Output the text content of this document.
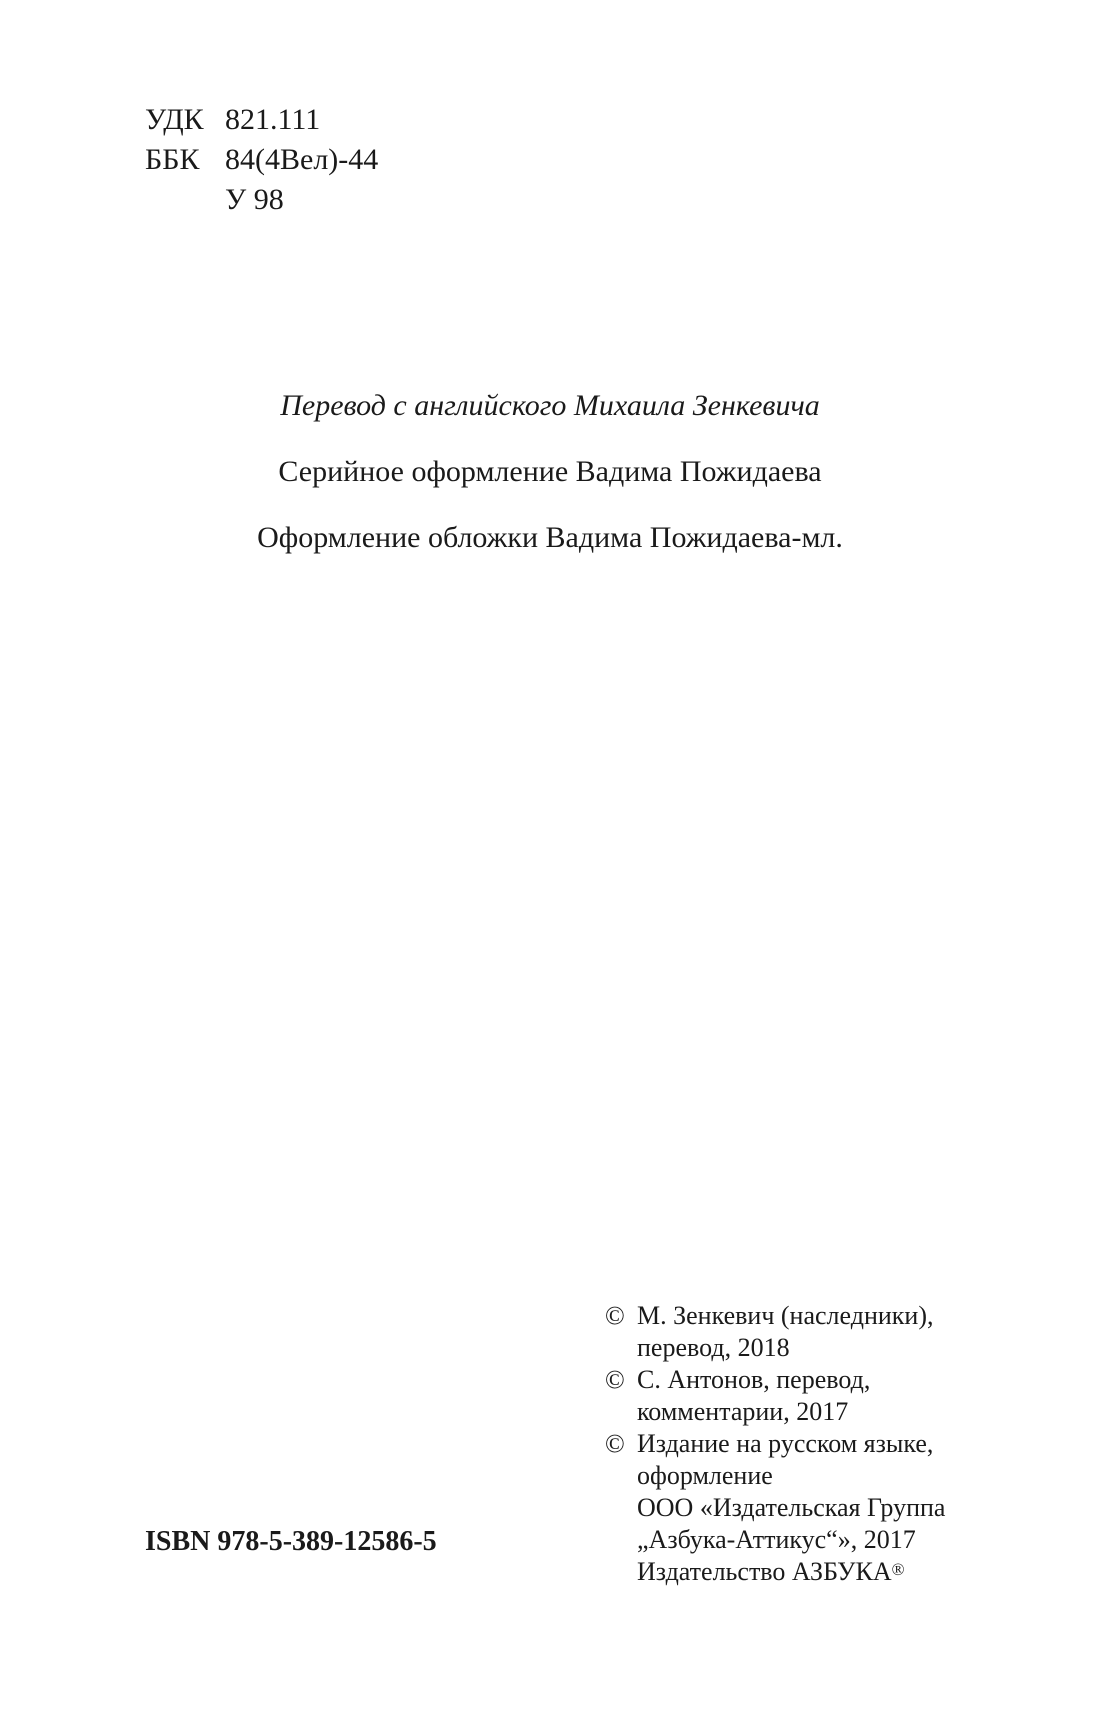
УДК 821.111
ББК 84(4Вел)-44
У 98
Перевод с английского Михаила Зенкевича
Серийное оформление Вадима Пожидаева
Оформление обложки Вадима Пожидаева-мл.
© М. Зенкевич (наследники),
перевод, 2018
© С. Антонов, перевод,
комментарии, 2017
© Издание на русском языке,
оформление
ООО «Издательская Группа
„Азбука-Аттикус“», 2017
Издательство АЗБУКА®
ISBN 978-5-389-12586-5
